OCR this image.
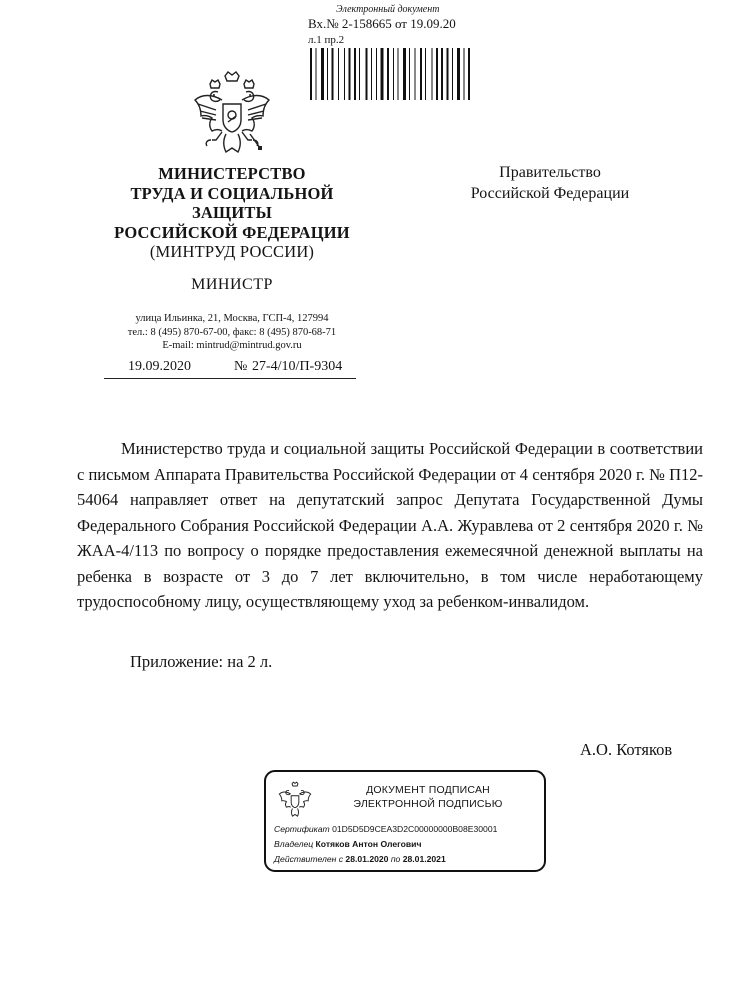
Электронный документ
Вх.№ 2-158665 от 19.09.20
л.1 пр.2
МИНИСТЕРСТВО
ТРУДА И СОЦИАЛЬНОЙ
ЗАЩИТЫ
РОССИЙСКОЙ ФЕДЕРАЦИИ
(МИНТРУД РОССИИ)
МИНИСТР
улица Ильинка, 21, Москва, ГСП-4, 127994
тел.: 8 (495) 870-67-00, факс: 8 (495) 870-68-71
E-mail: mintrud@mintrud.gov.ru
19.09.2020	№ 27-4/10/П-9304
Правительство
Российской Федерации
Министерство труда и социальной защиты Российской Федерации в соответствии с письмом Аппарата Правительства Российской Федерации от 4 сентября 2020 г. № П12-54064 направляет ответ на депутатский запрос Депутата Государственной Думы Федерального Собрания Российской Федерации А.А. Журавлева от 2 сентября 2020 г. № ЖАА-4/113 по вопросу о порядке предоставления ежемесячной денежной выплаты на ребенка в возрасте от 3 до 7 лет включительно, в том числе неработающему трудоспособному лицу, осуществляющему уход за ребенком-инвалидом.
Приложение: на 2 л.
А.О. Котяков
ДОКУМЕНТ ПОДПИСАН
ЭЛЕКТРОННОЙ ПОДПИСЬЮ
Сертификат 01D5D5D9CEA3D2C00000000B08E30001
Владелец Котяков Антон Олегович
Действителен с 28.01.2020 по 28.01.2021
